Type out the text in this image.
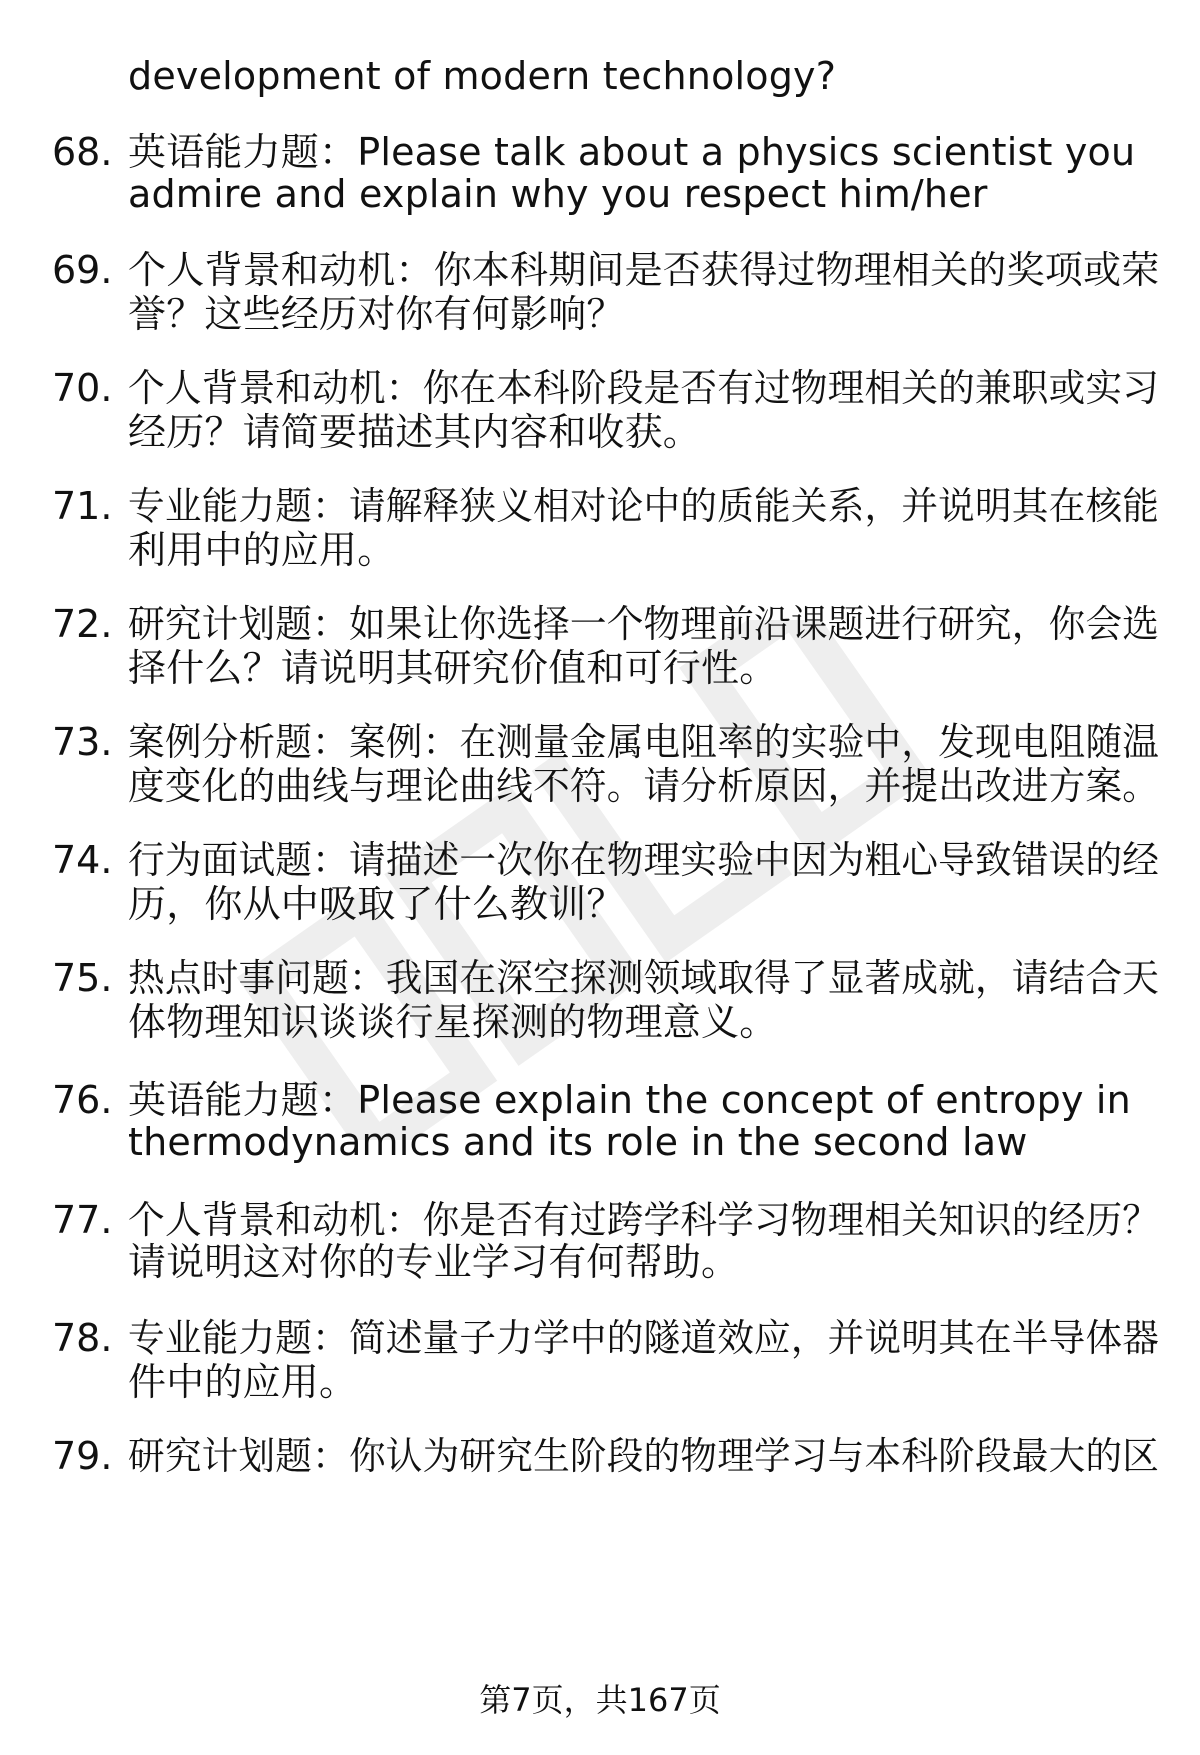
development of modern technology?
68. 英语能力题：Please talk about a physics scientist you
admire and explain why you respect him/her
69. 个人背景和动机：你本科期间是否获得过物理相关的奖项或荣
誉？这些经历对你有何影响？
70. 个人背景和动机：你在本科阶段是否有过物理相关的兼职或实习
经历？请简要描述其内容和收获。
71. 专业能力题：请解释狭义相对论中的质能关系，并说明其在核能
利用中的应用。
72. 研究计划题：如果让你选择一个物理前沿课题进行研究，你会选
择什么？请说明其研究价值和可行性。
73. 案例分析题：案例：在测量金属电阻率的实验中，发现电阻随温
度变化的曲线与理论曲线不符。请分析原因，并提出改进方案。
74. 行为面试题：请描述一次你在物理实验中因为粗心导致错误的经
历，你从中吸取了什么教训？
75. 热点时事问题：我国在深空探测领域取得了显著成就，请结合天
体物理知识谈谈行星探测的物理意义。
76. 英语能力题：Please explain the concept of entropy in
thermodynamics and its role in the second law
77. 个人背景和动机：你是否有过跨学科学习物理相关知识的经历？
请说明这对你的专业学习有何帮助。
78. 专业能力题：简述量子力学中的隧道效应，并说明其在半导体器
件中的应用。
79. 研究计划题：你认为研究生阶段的物理学习与本科阶段最大的区
第7页，共167页
